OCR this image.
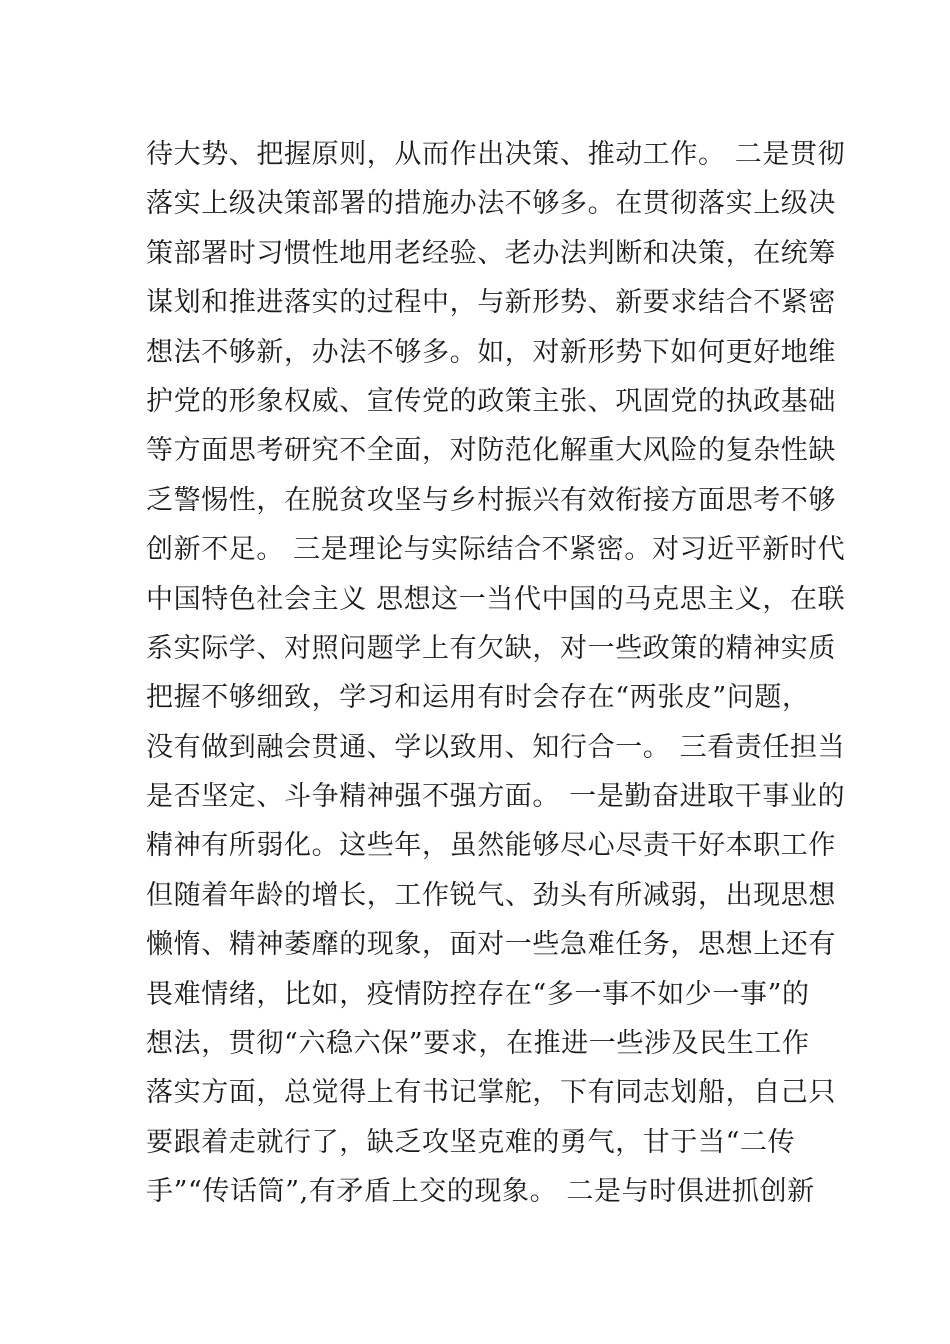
待大势、把握原则，从而作出决策、推动工作。 二是贯彻
落实上级决策部署的措施办法不够多。在贯彻落实上级决
策部署时习惯性地用老经验、老办法判断和决策，在统筹
谋划和推进落实的过程中，与新形势、新要求结合不紧密
想法不够新，办法不够多。如，对新形势下如何更好地维
护党的形象权威、宣传党的政策主张、巩固党的执政基础
等方面思考研究不全面，对防范化解重大风险的复杂性缺
乏警惕性，在脱贫攻坚与乡村振兴有效衔接方面思考不够
创新不足。 三是理论与实际结合不紧密。对习近平新时代
中国特色社会主义 思想这一当代中国的马克思主义，在联
系实际学、对照问题学上有欠缺，对一些政策的精神实质
把握不够细致，学习和运用有时会存在“两张皮”问题，
没有做到融会贯通、学以致用、知行合一。 三看责任担当
是否坚定、斗争精神强不强方面。 一是勤奋进取干事业的
精神有所弱化。这些年，虽然能够尽心尽责干好本职工作
但随着年龄的增长，工作锐气、劲头有所减弱，出现思想
懒惰、精神萎靡的现象，面对一些急难任务，思想上还有
畏难情绪，比如，疫情防控存在“多一事不如少一事”的
想法，贯彻“六稳六保”要求，在推进一些涉及民生工作
落实方面，总觉得上有书记掌舵，下有同志划船，自己只
要跟着走就行了，缺乏攻坚克难的勇气，甘于当“二传
手”“传话筒”,有矛盾上交的现象。 二是与时俱进抓创新
